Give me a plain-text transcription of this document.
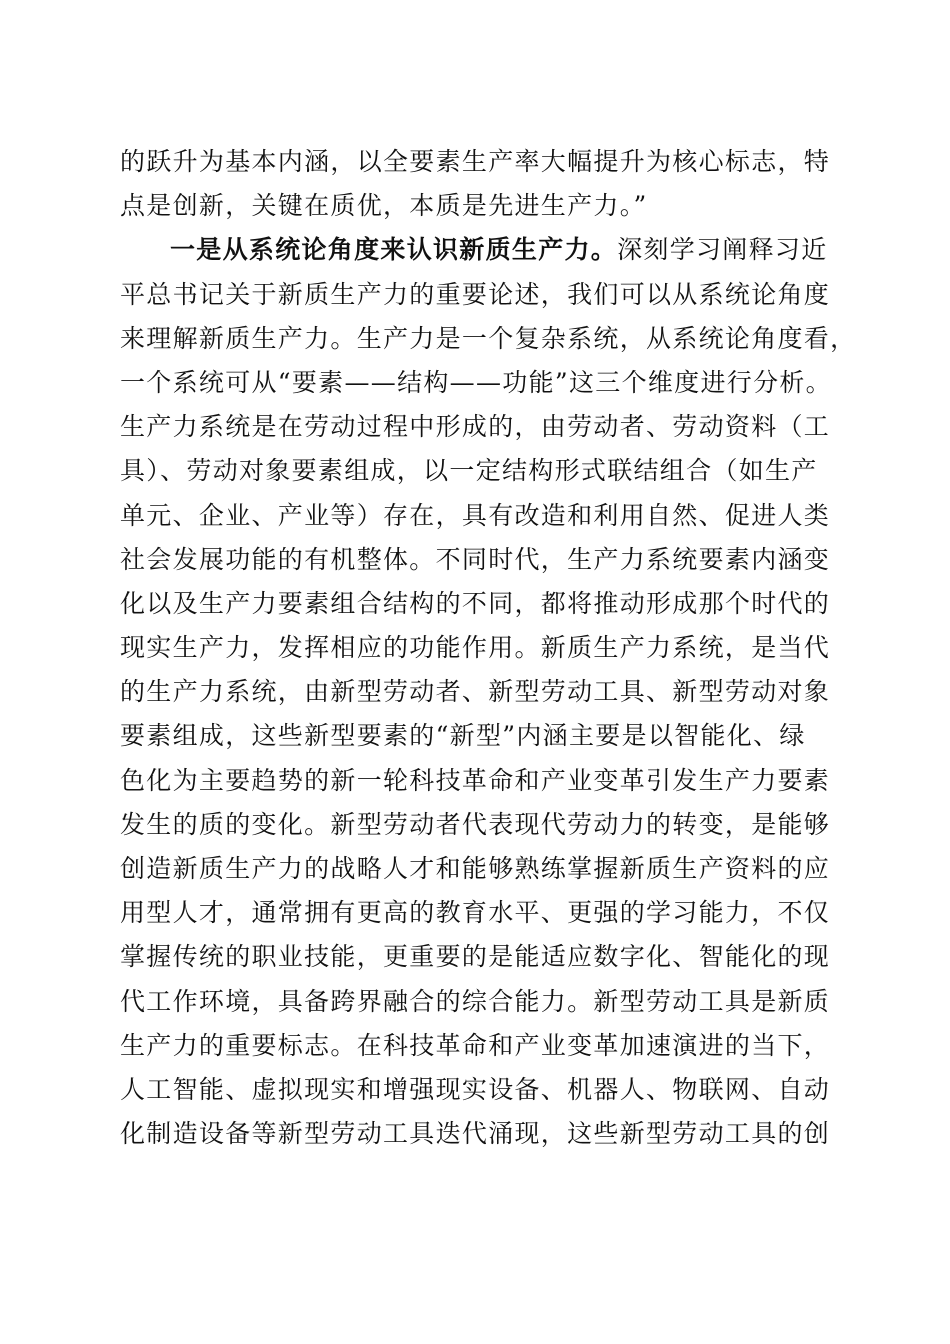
的跃升为基本内涵，以全要素生产率大幅提升为核心标志，特
点是创新，关键在质优，本质是先进生产力。”
一是从系统论角度来认识新质生产力。深刻学习阐释习近
平总书记关于新质生产力的重要论述，我们可以从系统论角度
来理解新质生产力。生产力是一个复杂系统，从系统论角度看，
一个系统可从“要素——结构——功能”这三个维度进行分析。
生产力系统是在劳动过程中形成的，由劳动者、劳动资料（工
具）、劳动对象要素组成，以一定结构形式联结组合（如生产
单元、企业、产业等）存在，具有改造和利用自然、促进人类
社会发展功能的有机整体。不同时代，生产力系统要素内涵变
化以及生产力要素组合结构的不同，都将推动形成那个时代的
现实生产力，发挥相应的功能作用。新质生产力系统，是当代
的生产力系统，由新型劳动者、新型劳动工具、新型劳动对象
要素组成，这些新型要素的“新型”内涵主要是以智能化、绿
色化为主要趋势的新一轮科技革命和产业变革引发生产力要素
发生的质的变化。新型劳动者代表现代劳动力的转变，是能够
创造新质生产力的战略人才和能够熟练掌握新质生产资料的应
用型人才，通常拥有更高的教育水平、更强的学习能力，不仅
掌握传统的职业技能，更重要的是能适应数字化、智能化的现
代工作环境，具备跨界融合的综合能力。新型劳动工具是新质
生产力的重要标志。在科技革命和产业变革加速演进的当下，
人工智能、虚拟现实和增强现实设备、机器人、物联网、自动
化制造设备等新型劳动工具迭代涌现，这些新型劳动工具的创
